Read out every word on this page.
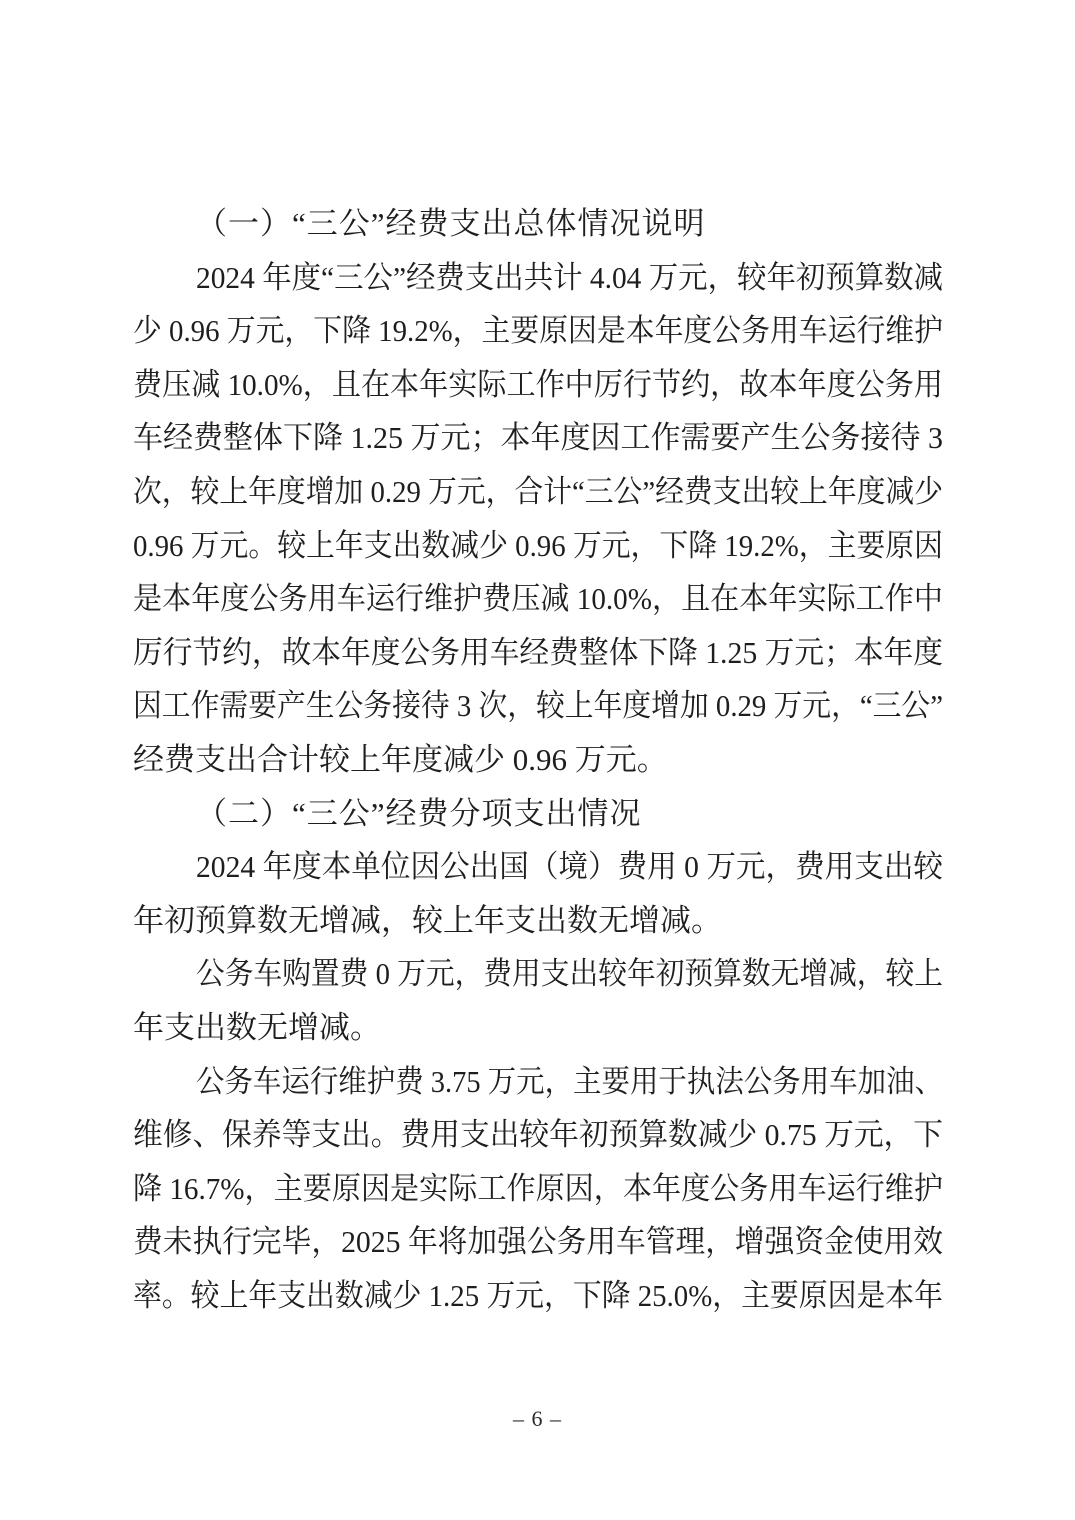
（一）“三公”经费支出总体情况说明
2024 年度“三公”经费支出共计 4.04 万元，较年初预算数减
少 0.96 万元，下降 19.2%，主要原因是本年度公务用车运行维护
费压减 10.0%，且在本年实际工作中厉行节约，故本年度公务用
车经费整体下降 1.25 万元；本年度因工作需要产生公务接待 3
次，较上年度增加 0.29 万元，合计“三公”经费支出较上年度减少
0.96 万元。较上年支出数减少 0.96 万元，下降 19.2%，主要原因
是本年度公务用车运行维护费压减 10.0%，且在本年实际工作中
厉行节约，故本年度公务用车经费整体下降 1.25 万元；本年度
因工作需要产生公务接待 3 次，较上年度增加 0.29 万元，“三公”
经费支出合计较上年度减少 0.96 万元。
（二）“三公”经费分项支出情况
2024 年度本单位因公出国（境）费用 0 万元，费用支出较
年初预算数无增减，较上年支出数无增减。
公务车购置费 0 万元，费用支出较年初预算数无增减，较上
年支出数无增减。
公务车运行维护费 3.75 万元，主要用于执法公务用车加油、
维修、保养等支出。费用支出较年初预算数减少 0.75 万元，下
降 16.7%，主要原因是实际工作原因，本年度公务用车运行维护
费未执行完毕，2025 年将加强公务用车管理，增强资金使用效
率。较上年支出数减少 1.25 万元，下降 25.0%，主要原因是本年
– 6 –
